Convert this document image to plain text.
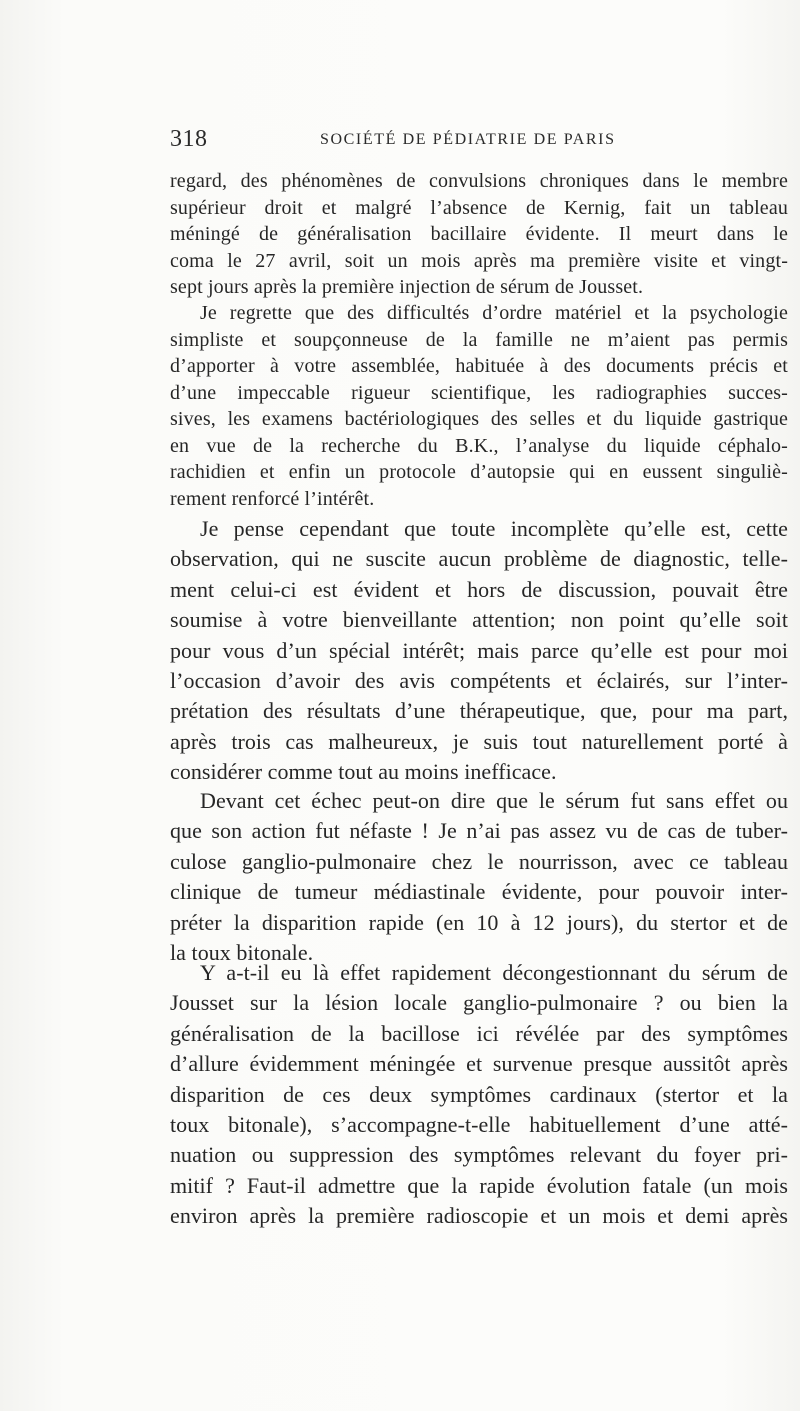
318	SOCIÉTÉ DE PÉDIATRIE DE PARIS
regard, des phénomènes de convulsions chroniques dans le membre
supérieur droit et malgré l’absence de Kernig, fait un tableau
méningé de généralisation bacillaire évidente. Il meurt dans le
coma le 27 avril, soit un mois après ma première visite et vingt-
sept jours après la première injection de sérum de Jousset.
Je regrette que des difficultés d’ordre matériel et la psychologie
simpliste et soupçonneuse de la famille ne m’aient pas permis
d’apporter à votre assemblée, habituée à des documents précis et
d’une impeccable rigueur scientifique, les radiographies succes-
sives, les examens bactériologiques des selles et du liquide gastrique
en vue de la recherche du B.K., l’analyse du liquide céphalo-
rachidien et enfin un protocole d’autopsie qui en eussent singuliè-
rement renforcé l’intérêt.
Je pense cependant que toute incomplète qu’elle est, cette
observation, qui ne suscite aucun problème de diagnostic, telle-
ment celui-ci est évident et hors de discussion, pouvait être
soumise à votre bienveillante attention; non point qu’elle soit
pour vous d’un spécial intérêt; mais parce qu’elle est pour moi
l’occasion d’avoir des avis compétents et éclairés, sur l’inter-
prétation des résultats d’une thérapeutique, que, pour ma part,
après trois cas malheureux, je suis tout naturellement porté à
considérer comme tout au moins inefficace.
Devant cet échec peut-on dire que le sérum fut sans effet ou
que son action fut néfaste ! Je n’ai pas assez vu de cas de tuber-
culose ganglio-pulmonaire chez le nourrisson, avec ce tableau
clinique de tumeur médiastinale évidente, pour pouvoir inter-
préter la disparition rapide (en 10 à 12 jours), du stertor et de
la toux bitonale.
Y a-t-il eu là effet rapidement décongestionnant du sérum de
Jousset sur la lésion locale ganglio-pulmonaire ? ou bien la
généralisation de la bacillose ici révélée par des symptômes
d’allure évidemment méningée et survenue presque aussitôt après
disparition de ces deux symptômes cardinaux (stertor et la
toux bitonale), s’accompagne-t-elle habituellement d’une atté-
nuation ou suppression des symptômes relevant du foyer pri-
mitif ? Faut-il admettre que la rapide évolution fatale (un mois
environ après la première radioscopie et un mois et demi après
